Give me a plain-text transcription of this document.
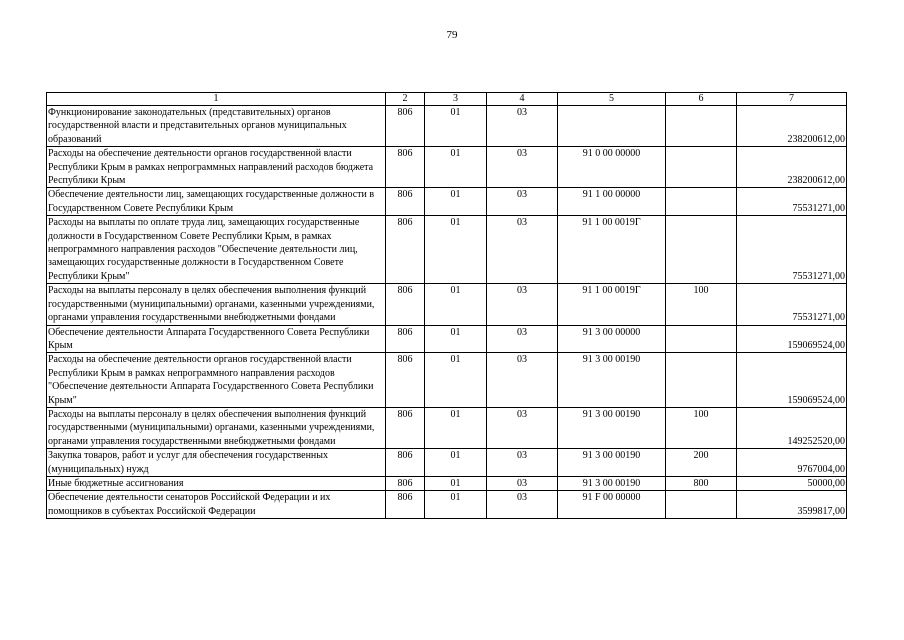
79
1	2	3	4	5	6	7
Функционирование законодательных (представительных) органов государственной власти и представительных органов муниципальных образований	806	01	03			238200612,00
Расходы на обеспечение деятельности органов государственной власти Республики Крым в рамках непрограммных направлений расходов бюджета Республики Крым	806	01	03	91 0 00 00000		238200612,00
Обеспечение деятельности лиц, замещающих государственные должности в Государственном Совете Республики Крым	806	01	03	91 1 00 00000		75531271,00
Расходы на выплаты по оплате труда лиц, замещающих государственные должности в Государственном Совете Республики Крым, в рамках непрограммного направления расходов "Обеспечение деятельности лиц, замещающих государственные должности в Государственном Совете Республики Крым"	806	01	03	91 1 00 0019Г		75531271,00
Расходы на выплаты персоналу в целях обеспечения выполнения функций государственными (муниципальными) органами, казенными учреждениями, органами управления государственными внебюджетными фондами	806	01	03	91 1 00 0019Г	100	75531271,00
Обеспечение деятельности Аппарата Государственного Совета Республики Крым	806	01	03	91 3 00 00000		159069524,00
Расходы на обеспечение деятельности органов государственной власти Республики Крым в рамках непрограммного направления расходов "Обеспечение деятельности Аппарата Государственного Совета Республики Крым"	806	01	03	91 3 00 00190		159069524,00
Расходы на выплаты персоналу в целях обеспечения выполнения функций государственными (муниципальными) органами, казенными учреждениями, органами управления государственными внебюджетными фондами	806	01	03	91 3 00 00190	100	149252520,00
Закупка товаров, работ и услуг для обеспечения государственных (муниципальных) нужд	806	01	03	91 3 00 00190	200	9767004,00
Иные бюджетные ассигнования	806	01	03	91 3 00 00190	800	50000,00
Обеспечение деятельности сенаторов Российской Федерации и их помощников в субъектах Российской Федерации	806	01	03	91 F 00 00000		3599817,00
